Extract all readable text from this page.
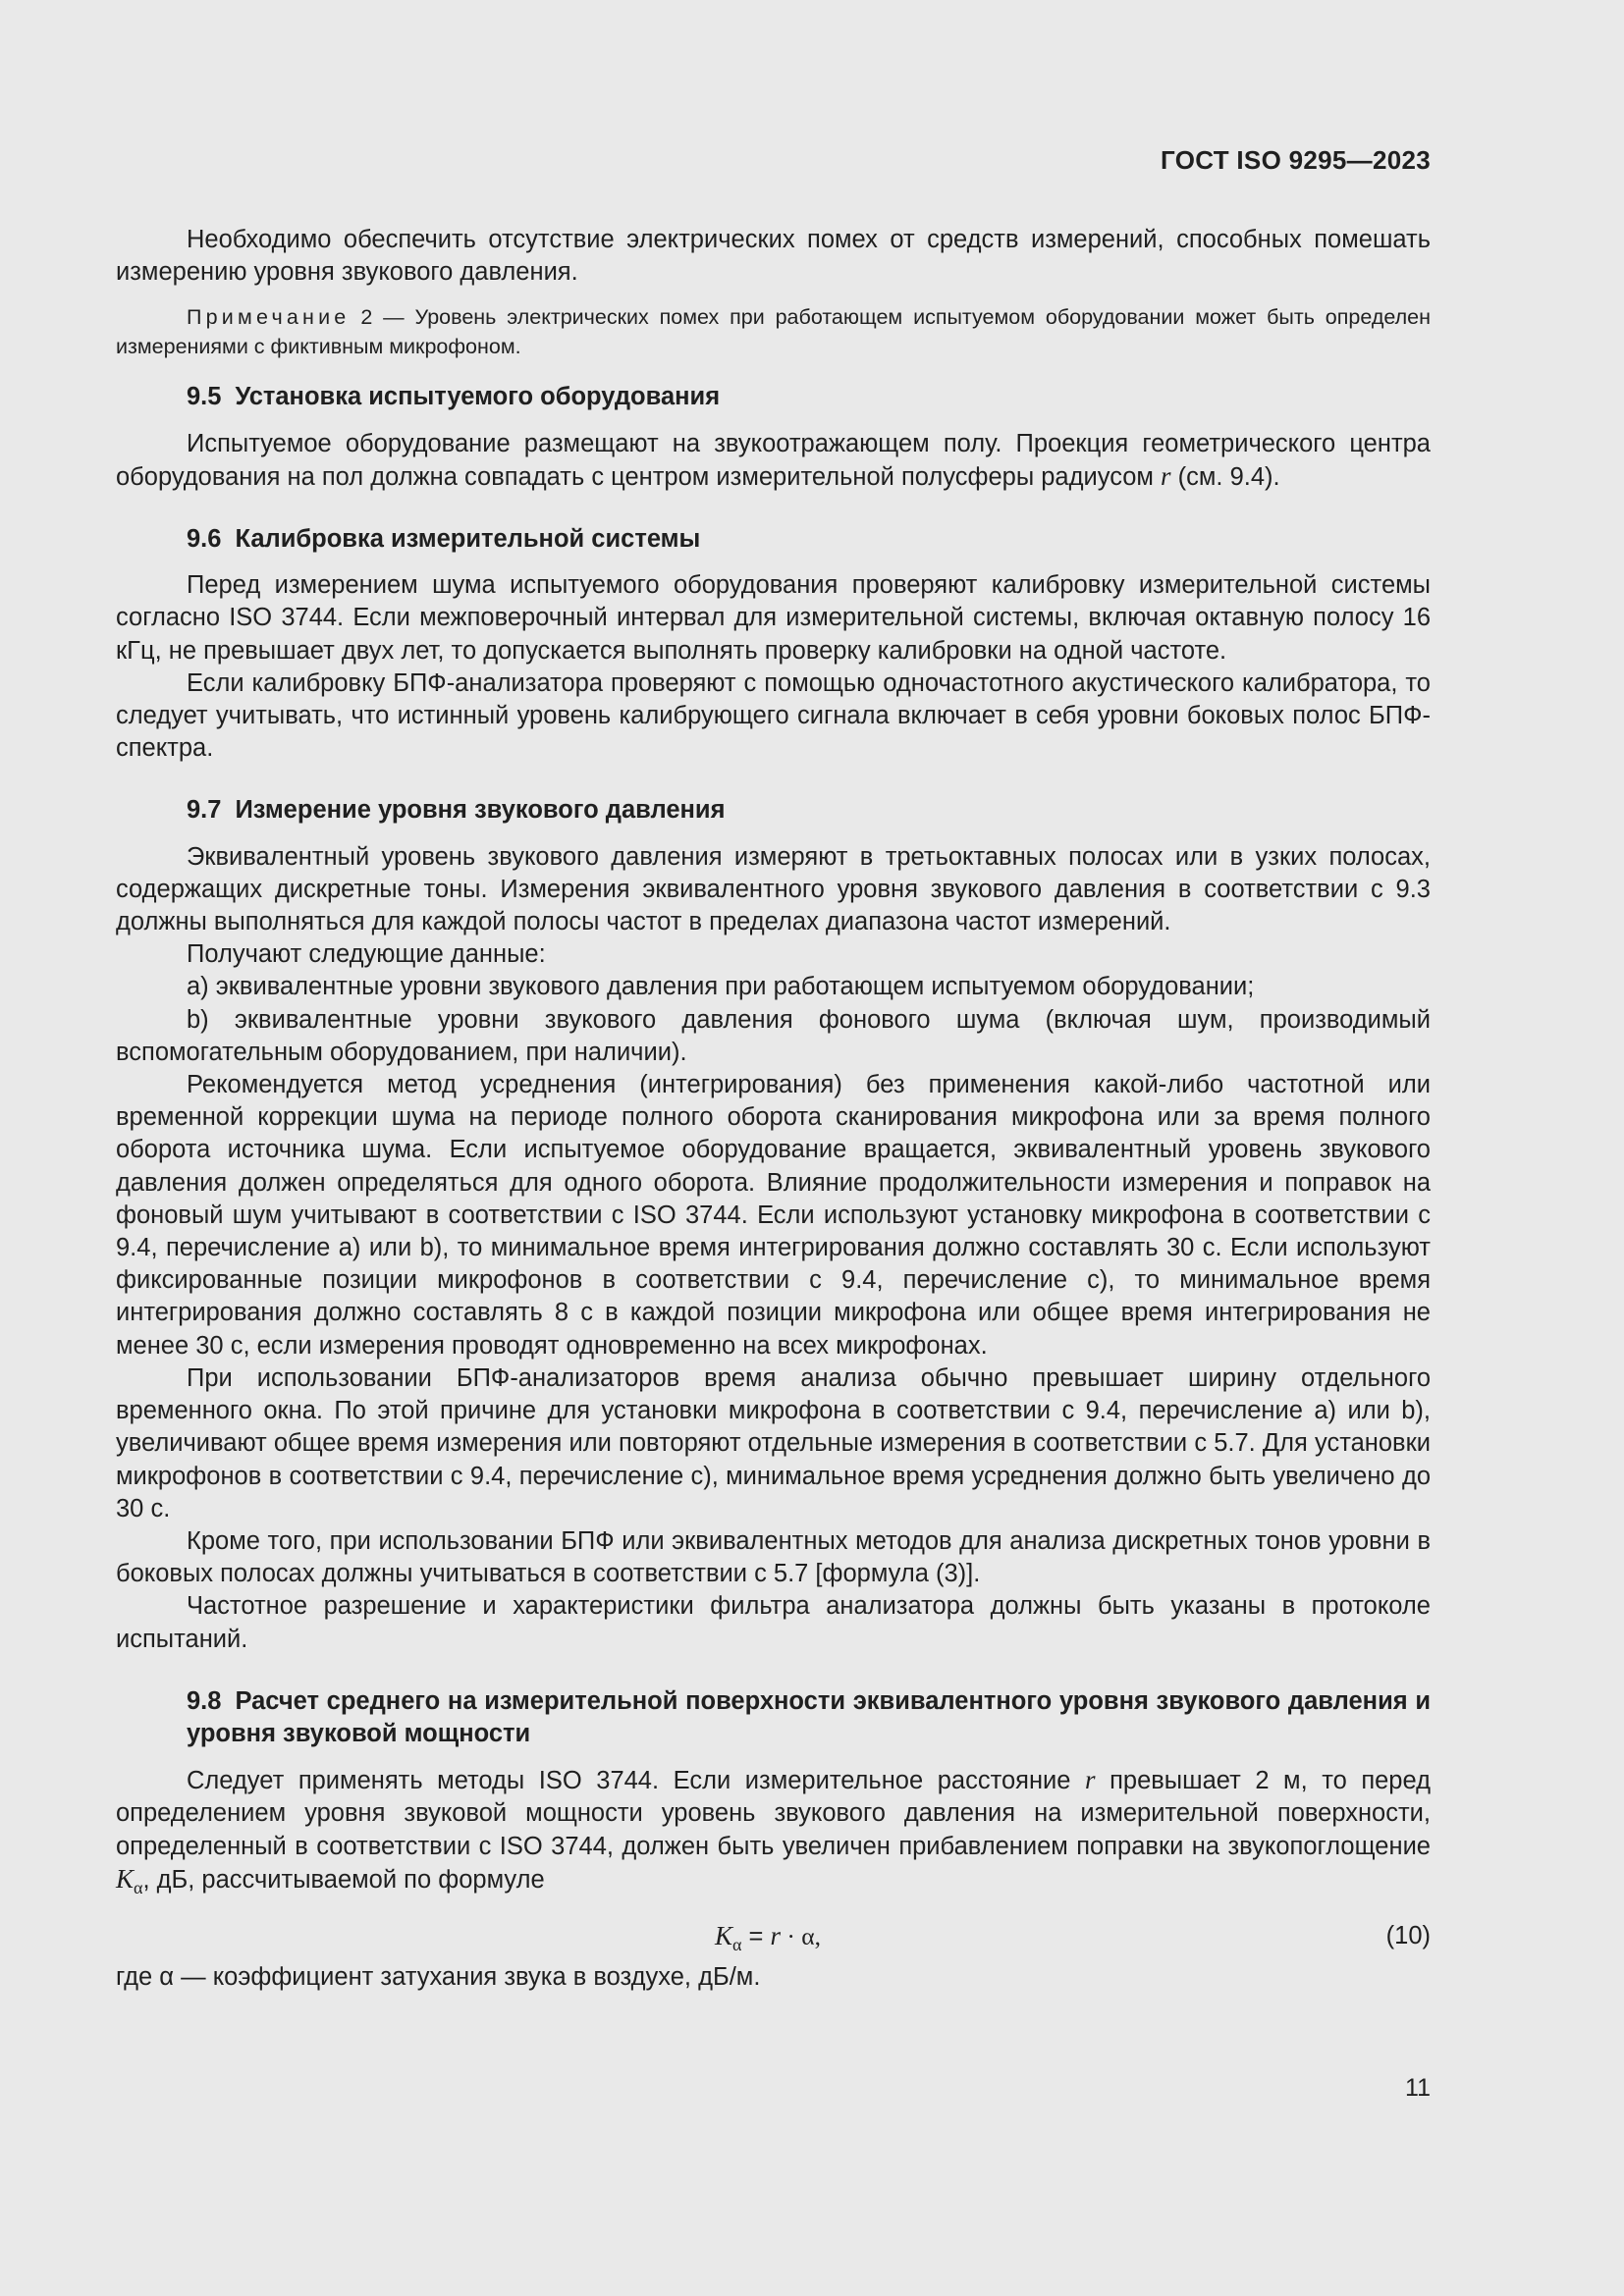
ГОСТ ISO 9295—2023

Необходимо обеспечить отсутствие электрических помех от средств измерений, способных помешать измерению уровня звукового давления.

Примечание 2 — Уровень электрических помех при работающем испытуемом оборудовании может быть определен измерениями с фиктивным микрофоном.

9.5 Установка испытуемого оборудования

Испытуемое оборудование размещают на звукоотражающем полу. Проекция геометрического центра оборудования на пол должна совпадать с центром измерительной полусферы радиусом r (см. 9.4).

9.6 Калибровка измерительной системы

Перед измерением шума испытуемого оборудования проверяют калибровку измерительной системы согласно ISO 3744. Если межповерочный интервал для измерительной системы, включая октавную полосу 16 кГц, не превышает двух лет, то допускается выполнять проверку калибровки на одной частоте.

Если калибровку БПФ-анализатора проверяют с помощью одночастотного акустического калибратора, то следует учитывать, что истинный уровень калибрующего сигнала включает в себя уровни боковых полос БПФ-спектра.

9.7 Измерение уровня звукового давления

Эквивалентный уровень звукового давления измеряют в третьоктавных полосах или в узких полосах, содержащих дискретные тоны. Измерения эквивалентного уровня звукового давления в соответствии с 9.3 должны выполняться для каждой полосы частот в пределах диапазона частот измерений.

Получают следующие данные:

a) эквивалентные уровни звукового давления при работающем испытуемом оборудовании;

b) эквивалентные уровни звукового давления фонового шума (включая шум, производимый вспомогательным оборудованием, при наличии).

Рекомендуется метод усреднения (интегрирования) без применения какой-либо частотной или временной коррекции шума на периоде полного оборота сканирования микрофона или за время полного оборота источника шума. Если испытуемое оборудование вращается, эквивалентный уровень звукового давления должен определяться для одного оборота. Влияние продолжительности измерения и поправок на фоновый шум учитывают в соответствии с ISO 3744. Если используют установку микрофона в соответствии с 9.4, перечисление a) или b), то минимальное время интегрирования должно составлять 30 с. Если используют фиксированные позиции микрофонов в соответствии с 9.4, перечисление c), то минимальное время интегрирования должно составлять 8 с в каждой позиции микрофона или общее время интегрирования не менее 30 с, если измерения проводят одновременно на всех микрофонах.

При использовании БПФ-анализаторов время анализа обычно превышает ширину отдельного временного окна. По этой причине для установки микрофона в соответствии с 9.4, перечисление a) или b), увеличивают общее время измерения или повторяют отдельные измерения в соответствии с 5.7. Для установки микрофонов в соответствии с 9.4, перечисление c), минимальное время усреднения должно быть увеличено до 30 с.

Кроме того, при использовании БПФ или эквивалентных методов для анализа дискретных тонов уровни в боковых полосах должны учитываться в соответствии с 5.7 [формула (3)].

Частотное разрешение и характеристики фильтра анализатора должны быть указаны в протоколе испытаний.

9.8 Расчет среднего на измерительной поверхности эквивалентного уровня звукового давления и уровня звуковой мощности

Следует применять методы ISO 3744. Если измерительное расстояние r превышает 2 м, то перед определением уровня звуковой мощности уровень звукового давления на измерительной поверхности, определенный в соответствии с ISO 3744, должен быть увеличен прибавлением поправки на звукопоглощение $K_\alpha$, дБ, рассчитываемой по формуле

$K_\alpha = r \cdot \alpha$,	(10)

где α — коэффициент затухания звука в воздухе, дБ/м.

11
